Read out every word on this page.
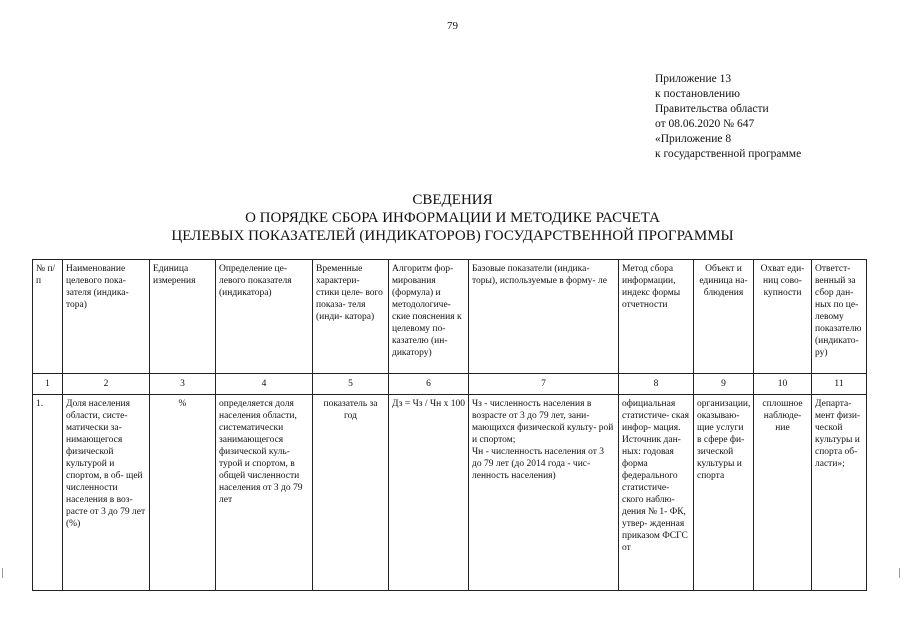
79
Приложение 13
к постановлению
Правительства области
от 08.06.2020 № 647
«Приложение 8
к государственной программе
СВЕДЕНИЯ
О ПОРЯДКЕ СБОРА ИНФОРМАЦИИ И МЕТОДИКЕ РАСЧЕТА
ЦЕЛЕВЫХ ПОКАЗАТЕЛЕЙ (ИНДИКАТОРОВ) ГОСУДАРСТВЕННОЙ ПРОГРАММЫ
№ п/п	Наименование целевого пока- зателя (индика- тора)	Единица измерения	Определение це- левого показателя (индикатора)	Временные характери- стики целе- вого показа- теля (инди- катора)	Алгоритм фор- мирования (формула) и методологиче- ские пояснения к целевому по- казателю (ин- дикатору)	Базовые показатели (индика- торы), используемые в форму- ле	Метод сбора информации, индекс формы отчетности	Объект и единица на- блюдения	Охват еди- ниц сово- купности	Ответст- венный за сбор дан- ных по це- левому показателю (индикато- ру)
1	2	3	4	5	6	7	8	9	10	11
1.	Доля населения области, систе- матически за- нимающегося физической культурой и спортом, в об- щей численности населения в воз- расте от 3 до 79 лет (%)	%	определяется доля населения области, систематически занимающегося физической куль- турой и спортом, в общей численности населения от 3 до 79 лет	показатель за год	Дз = Чз / Чн х 100	Чз - численность населения в возрасте от 3 до 79 лет, зани- мающихся физической культу- рой и спортом;
Чн - численность населения от 3 до 79 лет (до 2014 года - чис- ленность населения)	официальная статистиче- ская инфор- мация. Источник дан- ных: годовая форма федерального статистиче- ского наблю- дения № 1- ФК, утвер- жденная приказом ФСГС от	организации, оказываю- щие услуги в сфере фи- зической культуры и спорта	сплошное наблюде- ние	Департа- мент физи- ческой культуры и спорта об- ласти»;
